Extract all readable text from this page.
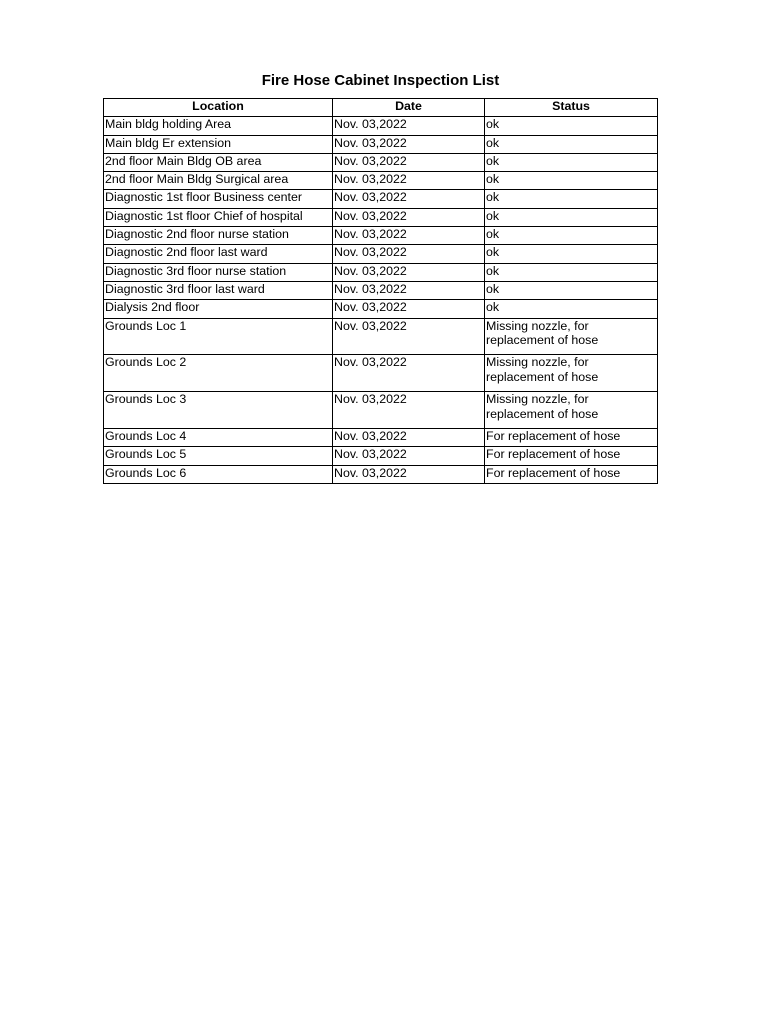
Fire Hose Cabinet Inspection List
Location	Date	Status
Main bldg holding Area	Nov. 03,2022	ok
Main bldg Er extension	Nov. 03,2022	ok
2nd floor Main Bldg OB area	Nov. 03,2022	ok
2nd floor Main Bldg Surgical area	Nov. 03,2022	ok
Diagnostic 1st floor Business center	Nov. 03,2022	ok
Diagnostic 1st floor Chief of hospital	Nov. 03,2022	ok
Diagnostic 2nd floor nurse station	Nov. 03,2022	ok
Diagnostic 2nd floor last ward	Nov. 03,2022	ok
Diagnostic 3rd floor nurse station	Nov. 03,2022	ok
Diagnostic 3rd floor last ward	Nov. 03,2022	ok
Dialysis 2nd floor	Nov. 03,2022	ok
Grounds Loc 1	Nov. 03,2022	Missing nozzle, for replacement of hose
Grounds Loc 2	Nov. 03,2022	Missing nozzle, for replacement of hose
Grounds Loc 3	Nov. 03,2022	Missing nozzle, for replacement of hose
Grounds Loc 4	Nov. 03,2022	For replacement of hose
Grounds Loc 5	Nov. 03,2022	For replacement of hose
Grounds Loc 6	Nov. 03,2022	For replacement of hose
